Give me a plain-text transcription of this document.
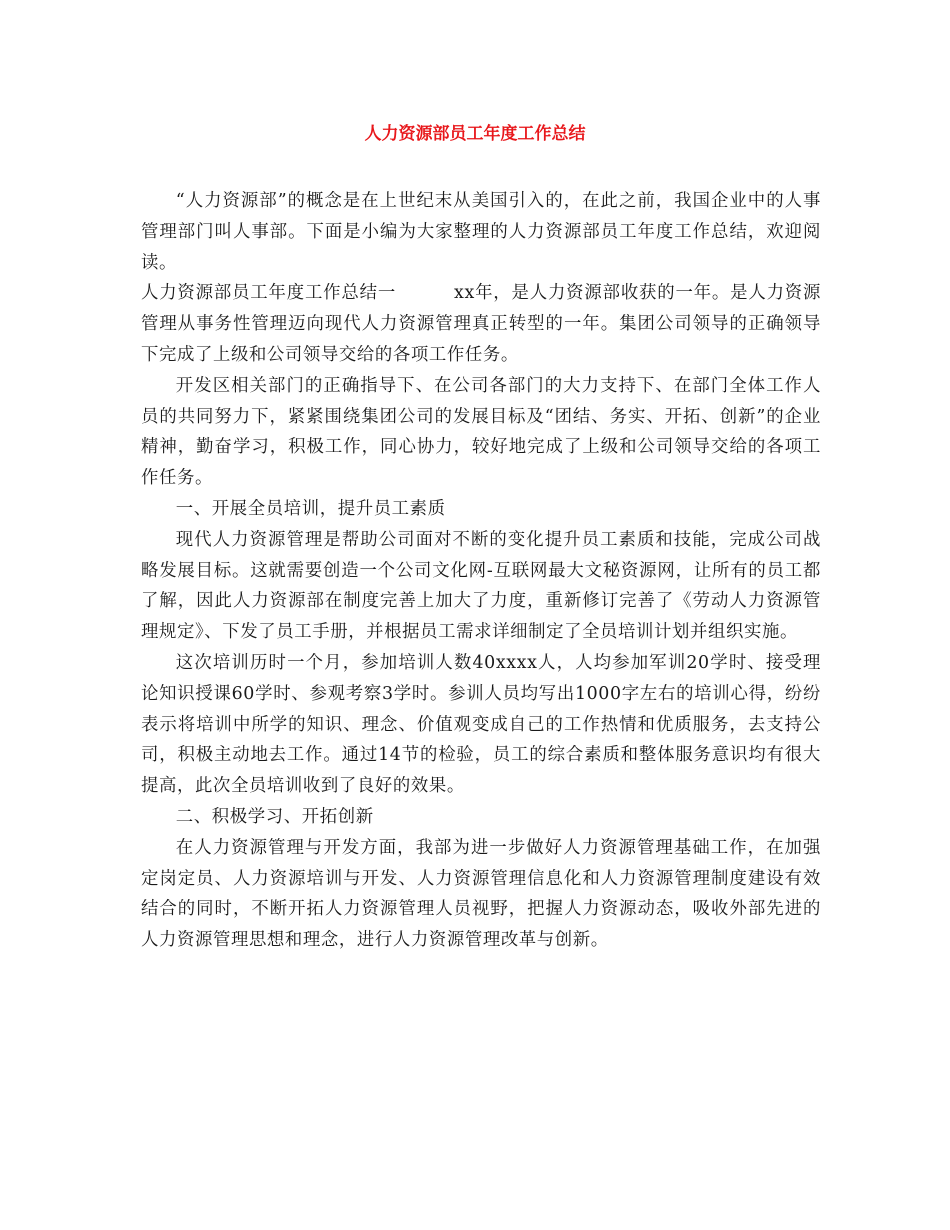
人力资源部员工年度工作总结

“人力资源部”的概念是在上世纪末从美国引入的，在此之前，我国企业中的人事管理部门叫人事部。下面是小编为大家整理的人力资源部员工年度工作总结，欢迎阅读。

人力资源部员工年度工作总结一	xx年，是人力资源部收获的一年。是人力资源管理从事务性管理迈向现代人力资源管理真正转型的一年。集团公司领导的正确领导下完成了上级和公司领导交给的各项工作任务。

开发区相关部门的正确指导下、在公司各部门的大力支持下、在部门全体工作人员的共同努力下，紧紧围绕集团公司的发展目标及“团结、务实、开拓、创新”的企业精神，勤奋学习，积极工作，同心协力，较好地完成了上级和公司领导交给的各项工作任务。

一、开展全员培训，提升员工素质

现代人力资源管理是帮助公司面对不断的变化提升员工素质和技能，完成公司战略发展目标。这就需要创造一个公司文化网-互联网最大文秘资源网，让所有的员工都了解，因此人力资源部在制度完善上加大了力度，重新修订完善了《劳动人力资源管理规定》、下发了员工手册，并根据员工需求详细制定了全员培训计划并组织实施。

这次培训历时一个月，参加培训人数40xxxx人，人均参加军训20学时、接受理论知识授课60学时、参观考察3学时。参训人员均写出1000字左右的培训心得，纷纷表示将培训中所学的知识、理念、价值观变成自己的工作热情和优质服务，去支持公司，积极主动地去工作。通过14节的检验，员工的综合素质和整体服务意识均有很大提高，此次全员培训收到了良好的效果。

二、积极学习、开拓创新

在人力资源管理与开发方面，我部为进一步做好人力资源管理基础工作，在加强定岗定员、人力资源培训与开发、人力资源管理信息化和人力资源管理制度建设有效结合的同时，不断开拓人力资源管理人员视野，把握人力资源动态，吸收外部先进的人力资源管理思想和理念，进行人力资源管理改革与创新。
